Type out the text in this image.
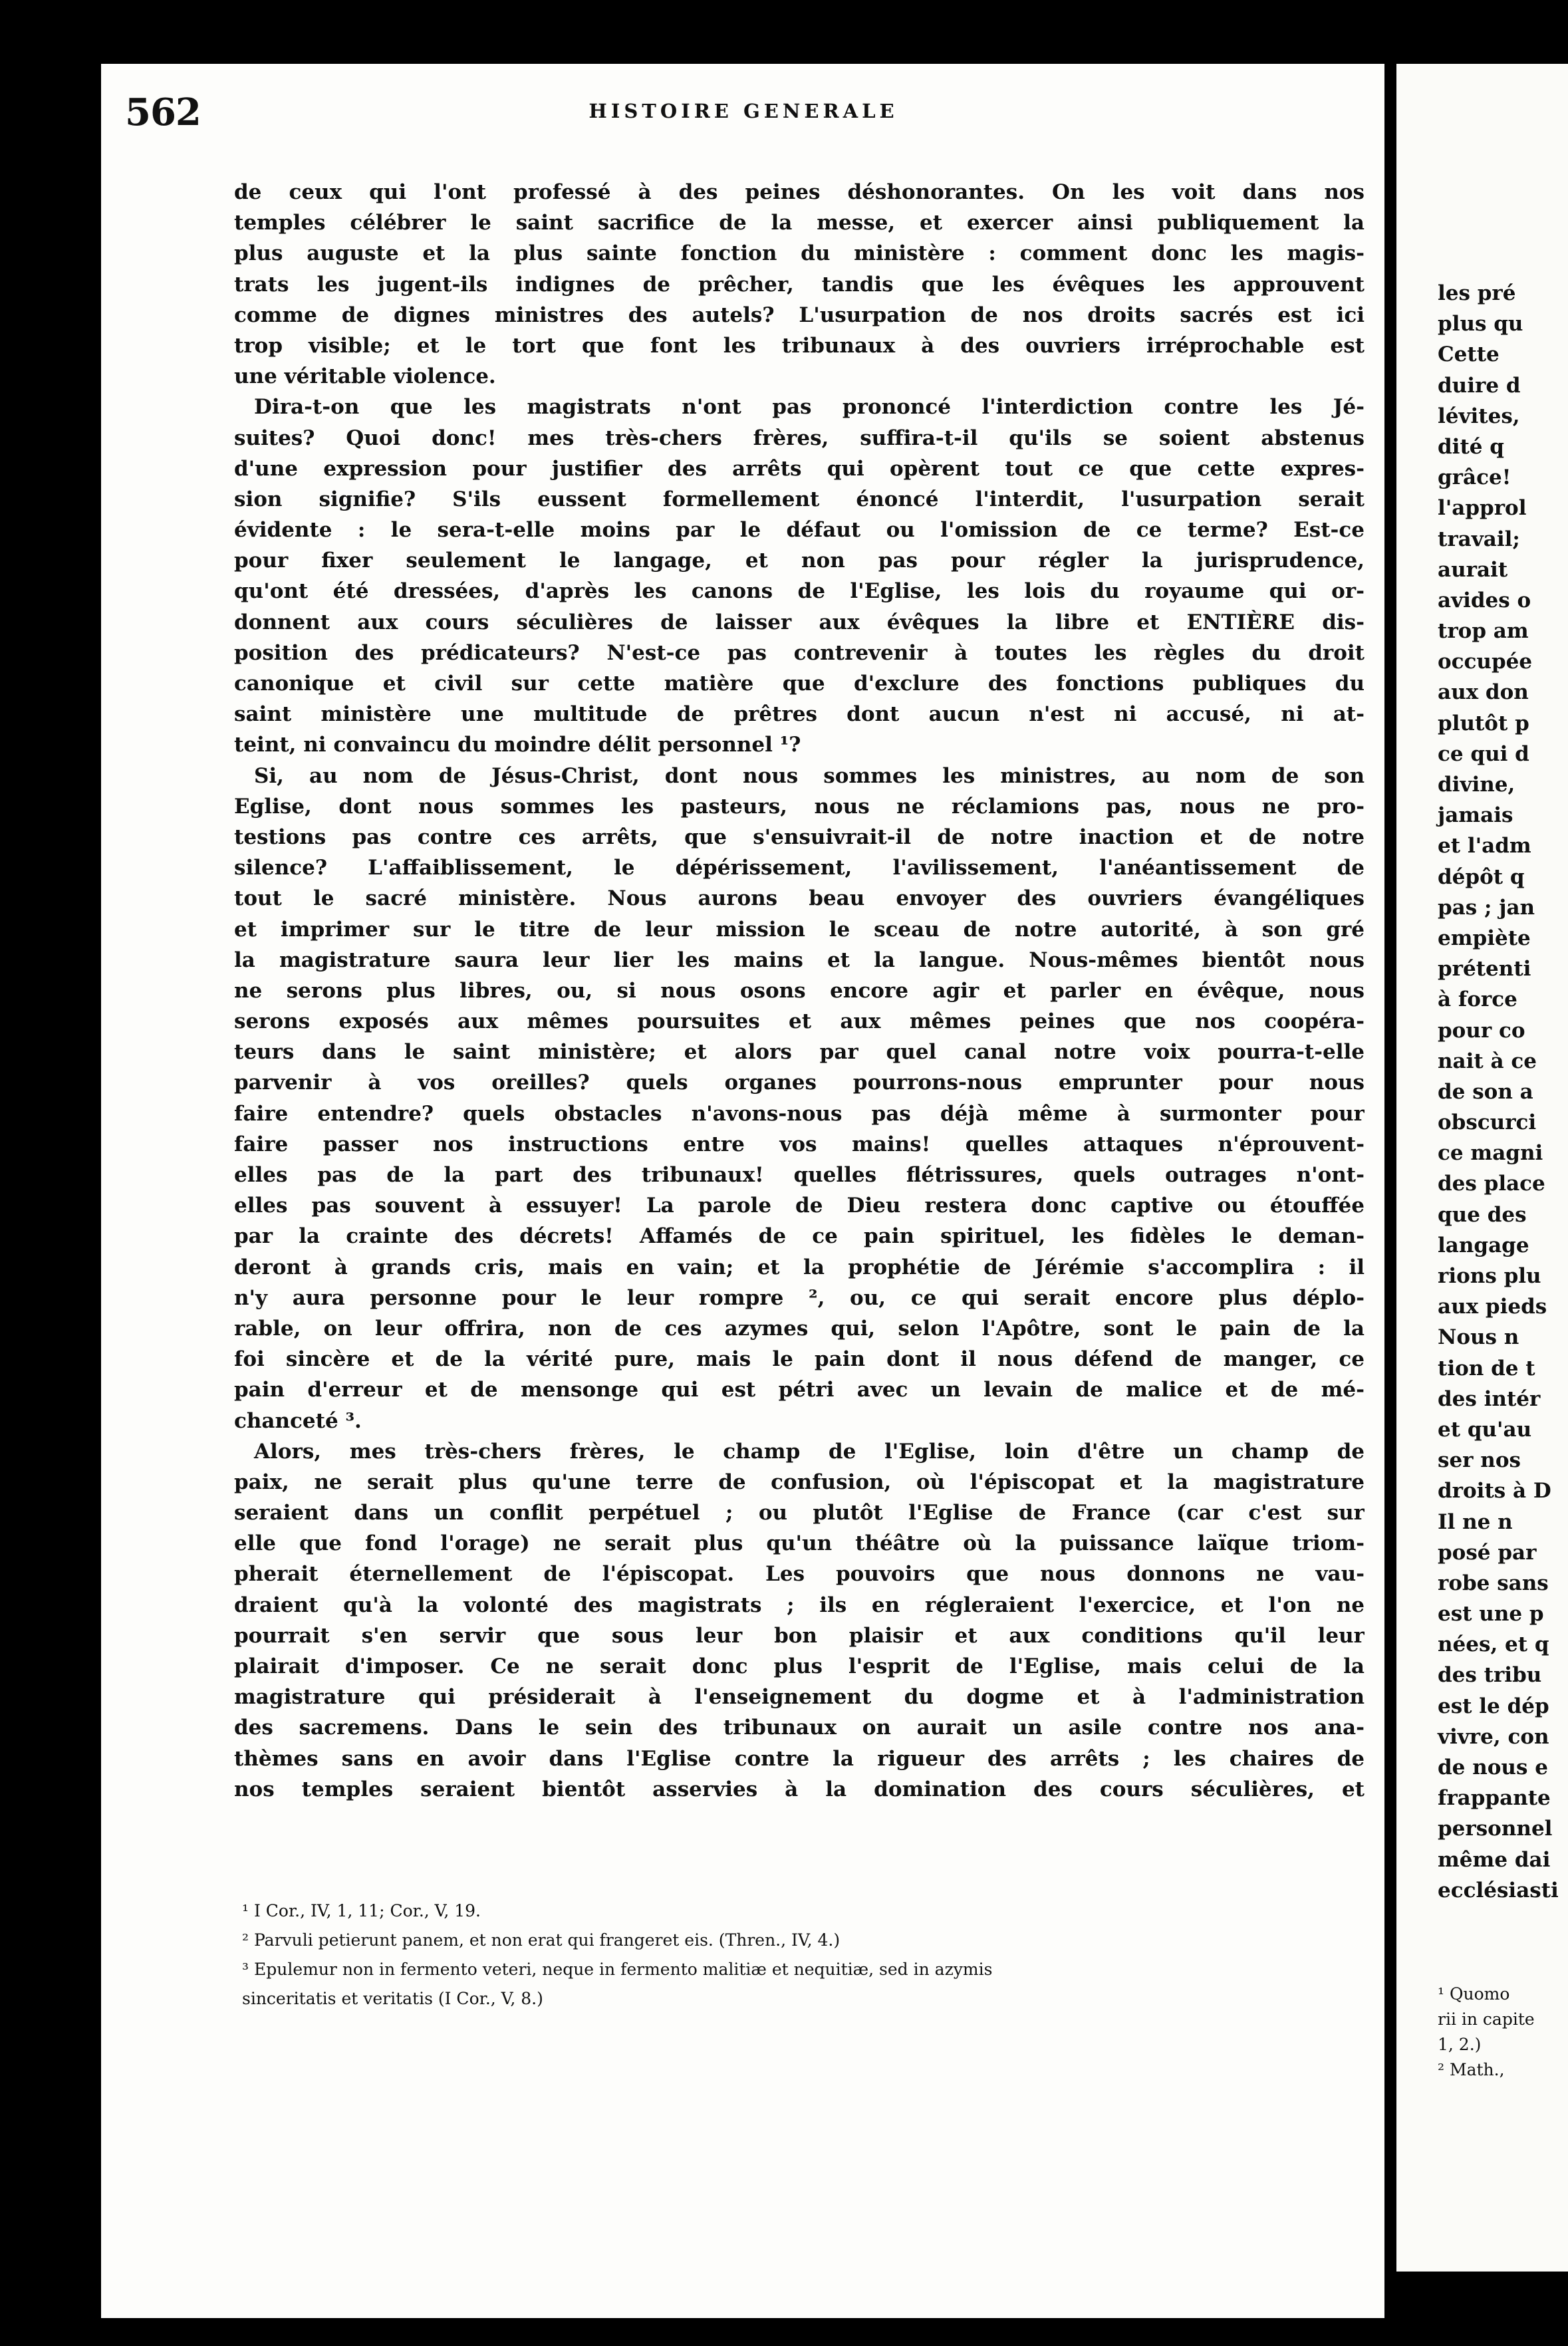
562	HISTOIRE GENERALE
de ceux qui l'ont professé à des peines déshonorantes. On les voit dans nos
temples célébrer le saint sacrifice de la messe, et exercer ainsi publiquement la
plus auguste et la plus sainte fonction du ministère : comment donc les magis-
trats les jugent-ils indignes de prêcher, tandis que les évêques les approuvent
comme de dignes ministres des autels? L'usurpation de nos droits sacrés est ici
trop visible; et le tort que font les tribunaux à des ouvriers irréprochable est
une véritable violence.
Dira-t-on que les magistrats n'ont pas prononcé l'interdiction contre les Jé-
suites? Quoi donc! mes très-chers frères, suffira-t-il qu'ils se soient abstenus
d'une expression pour justifier des arrêts qui opèrent tout ce que cette expres-
sion signifie? S'ils eussent formellement énoncé l'interdit, l'usurpation serait
évidente : le sera-t-elle moins par le défaut ou l'omission de ce terme? Est-ce
pour fixer seulement le langage, et non pas pour régler la jurisprudence,
qu'ont été dressées, d'après les canons de l'Eglise, les lois du royaume qui or-
donnent aux cours séculières de laisser aux évêques la libre et ENTIÈRE dis-
position des prédicateurs? N'est-ce pas contrevenir à toutes les règles du droit
canonique et civil sur cette matière que d'exclure des fonctions publiques du
saint ministère une multitude de prêtres dont aucun n'est ni accusé, ni at-
teint, ni convaincu du moindre délit personnel ¹?
Si, au nom de Jésus-Christ, dont nous sommes les ministres, au nom de son
Eglise, dont nous sommes les pasteurs, nous ne réclamions pas, nous ne pro-
testions pas contre ces arrêts, que s'ensuivrait-il de notre inaction et de notre
silence? L'affaiblissement, le dépérissement, l'avilissement, l'anéantissement de
tout le sacré ministère. Nous aurons beau envoyer des ouvriers évangéliques
et imprimer sur le titre de leur mission le sceau de notre autorité, à son gré
la magistrature saura leur lier les mains et la langue. Nous-mêmes bientôt nous
ne serons plus libres, ou, si nous osons encore agir et parler en évêque, nous
serons exposés aux mêmes poursuites et aux mêmes peines que nos coopéra-
teurs dans le saint ministère; et alors par quel canal notre voix pourra-t-elle
parvenir à vos oreilles? quels organes pourrons-nous emprunter pour nous
faire entendre? quels obstacles n'avons-nous pas déjà même à surmonter pour
faire passer nos instructions entre vos mains! quelles attaques n'éprouvent-
elles pas de la part des tribunaux! quelles flétrissures, quels outrages n'ont-
elles pas souvent à essuyer! La parole de Dieu restera donc captive ou étouffée
par la crainte des décrets! Affamés de ce pain spirituel, les fidèles le deman-
deront à grands cris, mais en vain; et la prophétie de Jérémie s'accomplira : il
n'y aura personne pour le leur rompre ², ou, ce qui serait encore plus déplo-
rable, on leur offrira, non de ces azymes qui, selon l'Apôtre, sont le pain de la
foi sincère et de la vérité pure, mais le pain dont il nous défend de manger, ce
pain d'erreur et de mensonge qui est pétri avec un levain de malice et de mé-
chanceté ³.
Alors, mes très-chers frères, le champ de l'Eglise, loin d'être un champ de
paix, ne serait plus qu'une terre de confusion, où l'épiscopat et la magistrature
seraient dans un conflit perpétuel ; ou plutôt l'Eglise de France (car c'est sur
elle que fond l'orage) ne serait plus qu'un théâtre où la puissance laïque triom-
pherait éternellement de l'épiscopat. Les pouvoirs que nous donnons ne vau-
draient qu'à la volonté des magistrats ; ils en régleraient l'exercice, et l'on ne
pourrait s'en servir que sous leur bon plaisir et aux conditions qu'il leur
plairait d'imposer. Ce ne serait donc plus l'esprit de l'Eglise, mais celui de la
magistrature qui présiderait à l'enseignement du dogme et à l'administration
des sacremens. Dans le sein des tribunaux on aurait un asile contre nos ana-
thèmes sans en avoir dans l'Eglise contre la rigueur des arrêts ; les chaires de
nos temples seraient bientôt asservies à la domination des cours séculières, et
¹ I Cor., IV, 1, 11; Cor., V, 19.
² Parvuli petierunt panem, et non erat qui frangeret eis. (Thren., IV, 4.)
³ Epulemur non in fermento veteri, neque in fermento malitiæ et nequitiæ, sed in azymis
sinceritatis et veritatis (I Cor., V, 8.)
les pré
plus qu
Cette
duire d
lévites,
dité q
grâce!
l'approl
travail;
aurait
avides o
trop am
occupée
aux don
plutôt p
ce qui d
divine,
jamais
et l'adm
dépôt q
pas ; jan
empiète
prétenti
à force
pour co
nait à ce
de son a
obscurci
ce magni
des place
que des
langage
rions plu
aux pieds
Nous n
tion de t
des intér
et qu'au
ser nos
droits à D
Il ne n
posé par
robe sans
est une p
nées, et q
des tribu
est le dép
vivre, con
de nous e
frappante
personnel
même dai
ecclésiasti
¹ Quomo
rii in capite
1, 2.)
² Math.,
